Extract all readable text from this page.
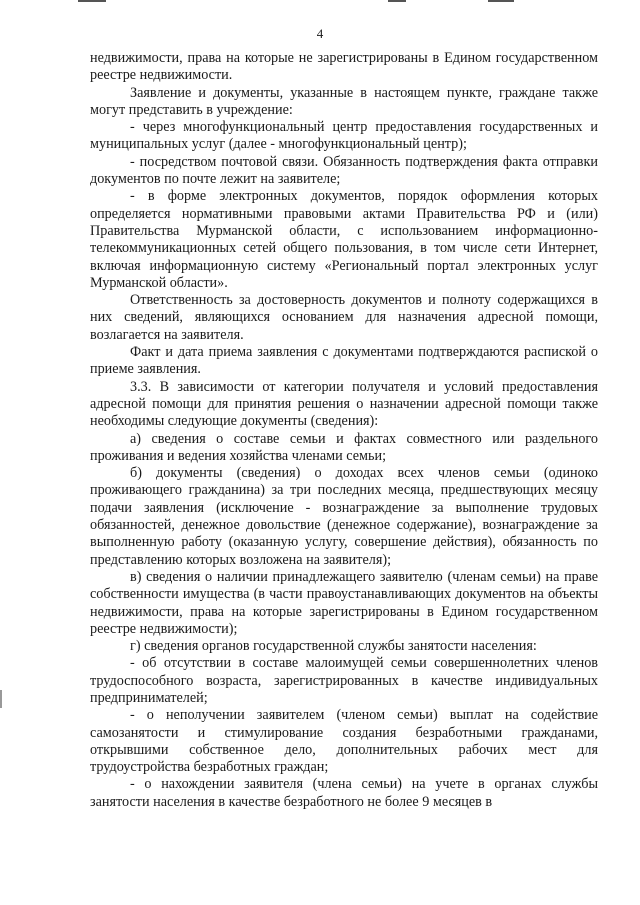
4

недвижимости, права на которые не зарегистрированы в Едином государственном реестре недвижимости.

Заявление и документы, указанные в настоящем пункте, граждане также могут представить в учреждение:

- через многофункциональный центр предоставления государственных и муниципальных услуг (далее - многофункциональный центр);

- посредством почтовой связи. Обязанность подтверждения факта отправки документов по почте лежит на заявителе;

- в форме электронных документов, порядок оформления которых определяется нормативными правовыми актами Правительства РФ и (или) Правительства Мурманской области, с использованием информационно-телекоммуникационных сетей общего пользования, в том числе сети Интернет, включая информационную систему «Региональный портал электронных услуг Мурманской области».

Ответственность за достоверность документов и полноту содержащихся в них сведений, являющихся основанием для назначения адресной помощи, возлагается на заявителя.

Факт и дата приема заявления с документами подтверждаются распиской о приеме заявления.

3.3. В зависимости от категории получателя и условий предоставления адресной помощи для принятия решения о назначении адресной помощи также необходимы следующие документы (сведения):

а) сведения о составе семьи и фактах совместного или раздельного проживания и ведения хозяйства членами семьи;

б) документы (сведения) о доходах всех членов семьи (одиноко проживающего гражданина) за три последних месяца, предшествующих месяцу подачи заявления (исключение - вознаграждение за выполнение трудовых обязанностей, денежное довольствие (денежное содержание), вознаграждение за выполненную работу (оказанную услугу, совершение действия), обязанность по представлению которых возложена на заявителя);

в) сведения о наличии принадлежащего заявителю (членам семьи) на праве собственности имущества (в части правоустанавливающих документов на объекты недвижимости, права на которые зарегистрированы в Едином государственном реестре недвижимости);

г) сведения органов государственной службы занятости населения:

- об отсутствии в составе малоимущей семьи совершеннолетних членов трудоспособного возраста, зарегистрированных в качестве индивидуальных предпринимателей;

- о неполучении заявителем (членом семьи) выплат на содействие самозанятости и стимулирование создания безработными гражданами, открывшими собственное дело, дополнительных рабочих мест для трудоустройства безработных граждан;

- о нахождении заявителя (члена семьи) на учете в органах службы занятости населения в качестве безработного не более 9 месяцев в
